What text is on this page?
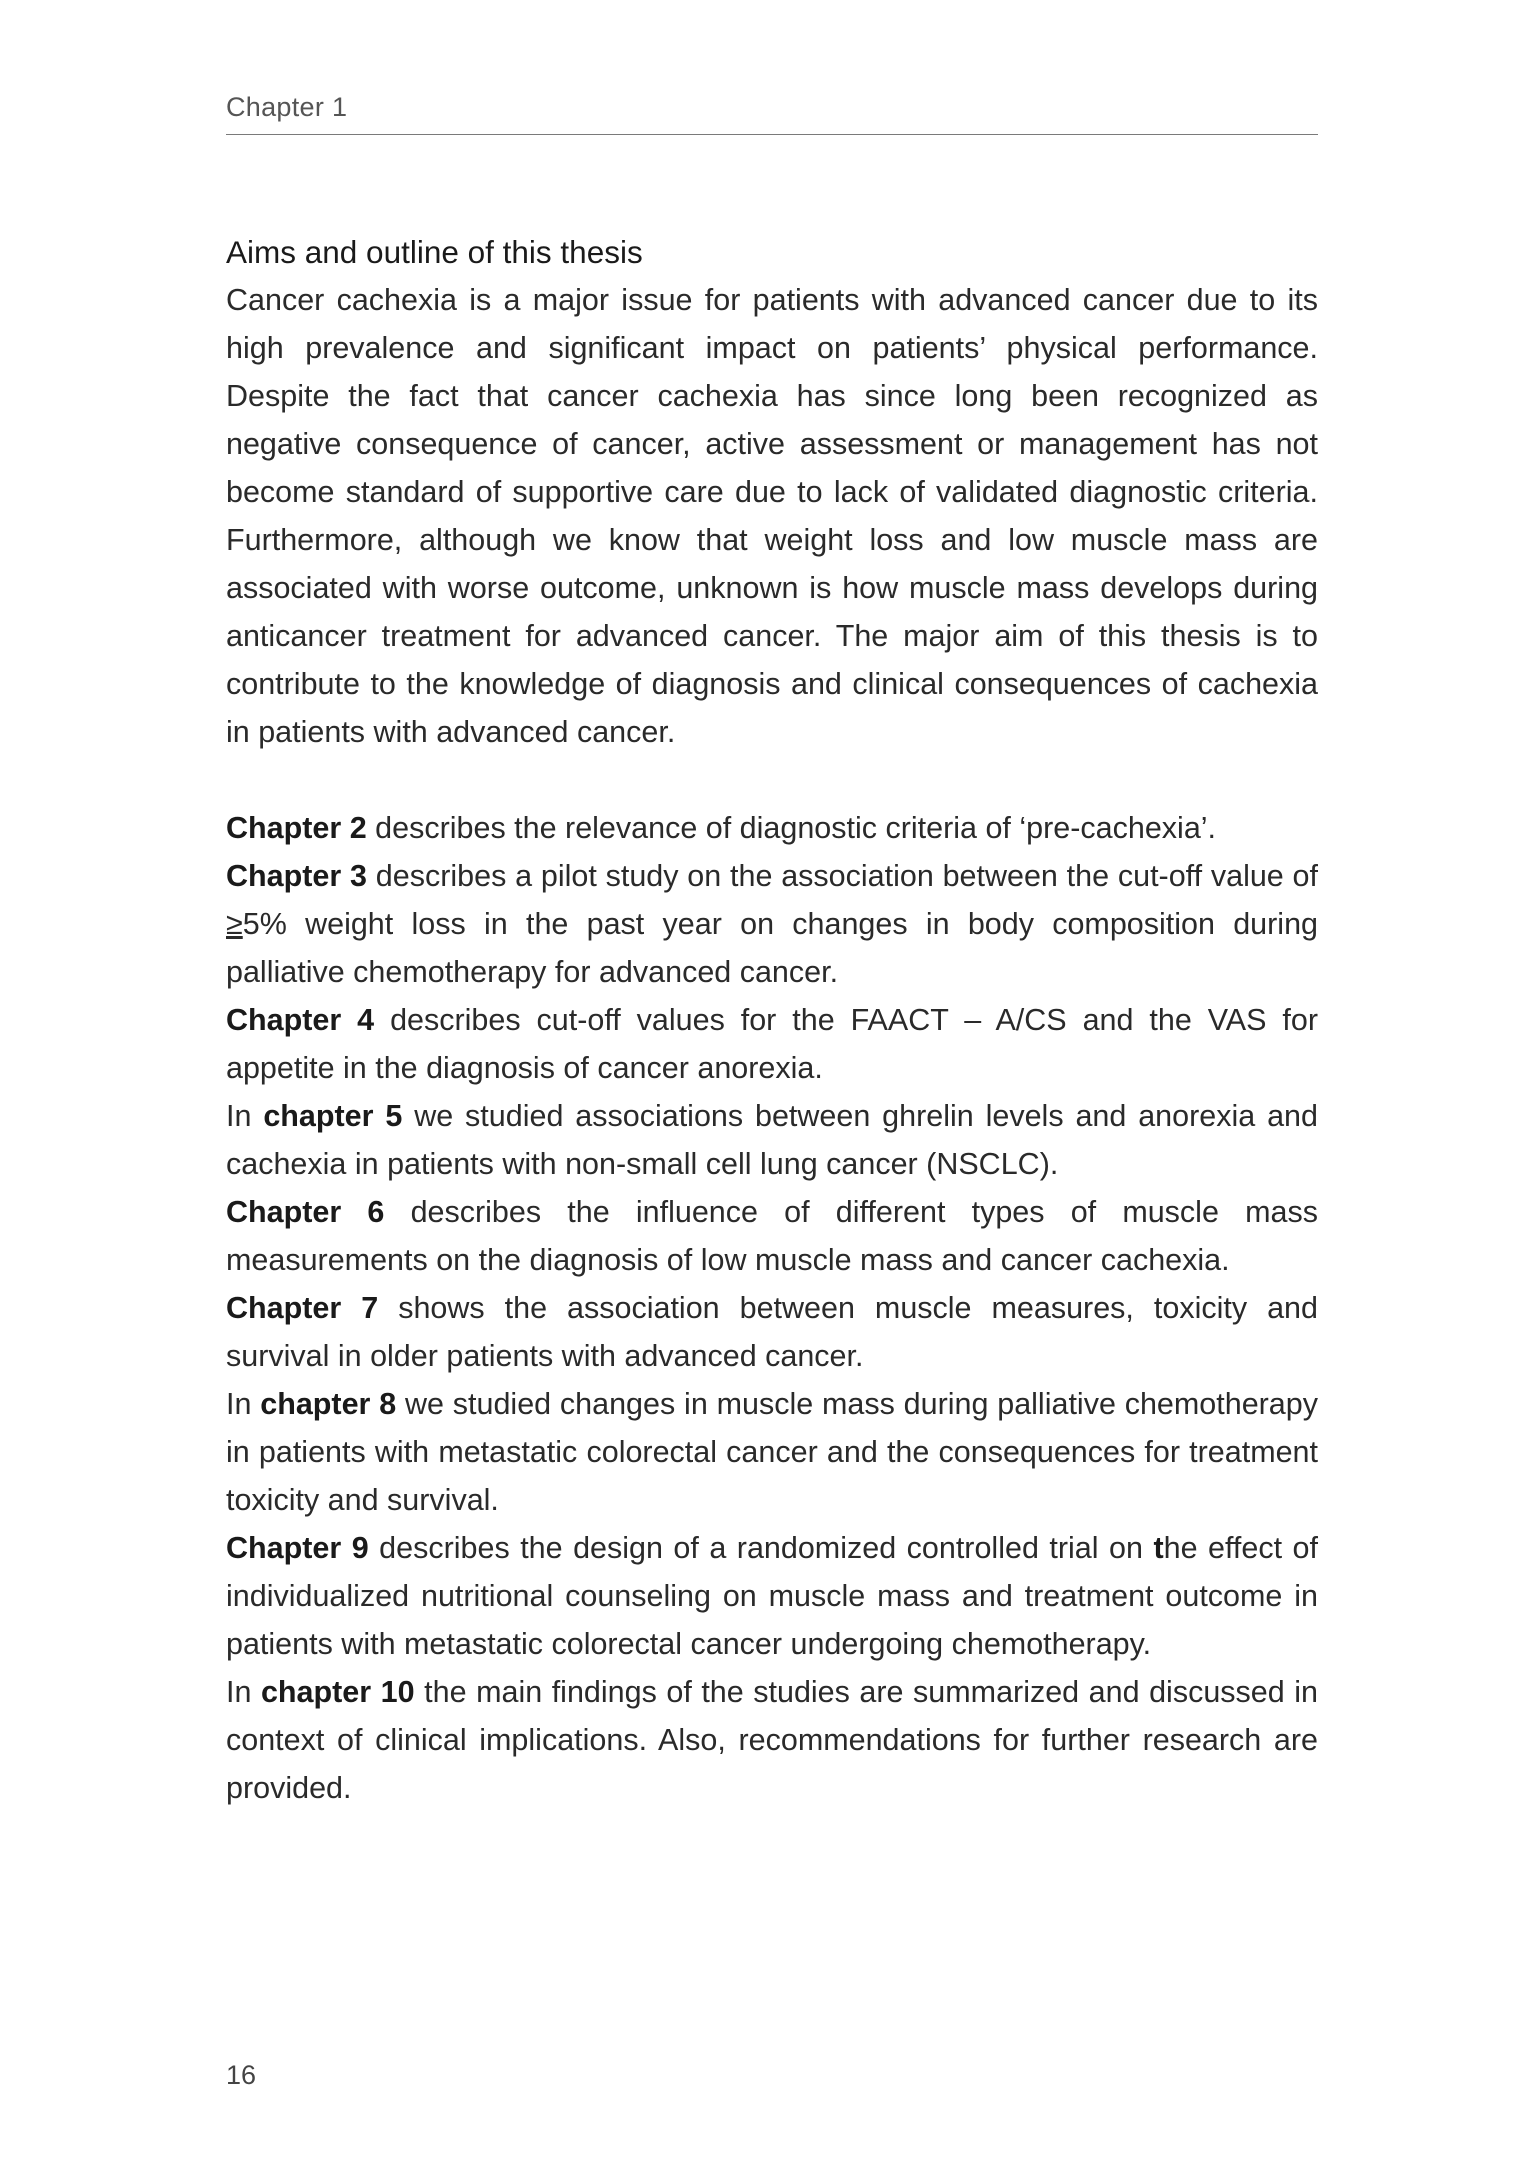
Chapter 1
Aims and outline of this thesis

Cancer cachexia is a major issue for patients with advanced cancer due to its high prevalence and significant impact on patients’ physical performance. Despite the fact that cancer cachexia has since long been recognized as negative consequence of cancer, active assessment or management has not become standard of supportive care due to lack of validated diagnostic criteria. Furthermore, although we know that weight loss and low muscle mass are associated with worse outcome, unknown is how muscle mass develops during anticancer treatment for advanced cancer. The major aim of this thesis is to contribute to the knowledge of diagnosis and clinical consequences of cachexia in patients with advanced cancer.

Chapter 2 describes the relevance of diagnostic criteria of ‘pre-cachexia’.

Chapter 3 describes a pilot study on the association between the cut-off value of ≥5% weight loss in the past year on changes in body composition during palliative chemotherapy for advanced cancer.

Chapter 4 describes cut-off values for the FAACT – A/CS and the VAS for appetite in the diagnosis of cancer anorexia.

In chapter 5 we studied associations between ghrelin levels and anorexia and cachexia in patients with non-small cell lung cancer (NSCLC).

Chapter 6 describes the influence of different types of muscle mass measurements on the diagnosis of low muscle mass and cancer cachexia.

Chapter 7 shows the association between muscle measures, toxicity and survival in older patients with advanced cancer.

In chapter 8 we studied changes in muscle mass during palliative chemotherapy in patients with metastatic colorectal cancer and the consequences for treatment toxicity and survival.

Chapter 9 describes the design of a randomized controlled trial on the effect of individualized nutritional counseling on muscle mass and treatment outcome in patients with metastatic colorectal cancer undergoing chemotherapy.

In chapter 10 the main findings of the studies are summarized and discussed in context of clinical implications. Also, recommendations for further research are provided.

16
